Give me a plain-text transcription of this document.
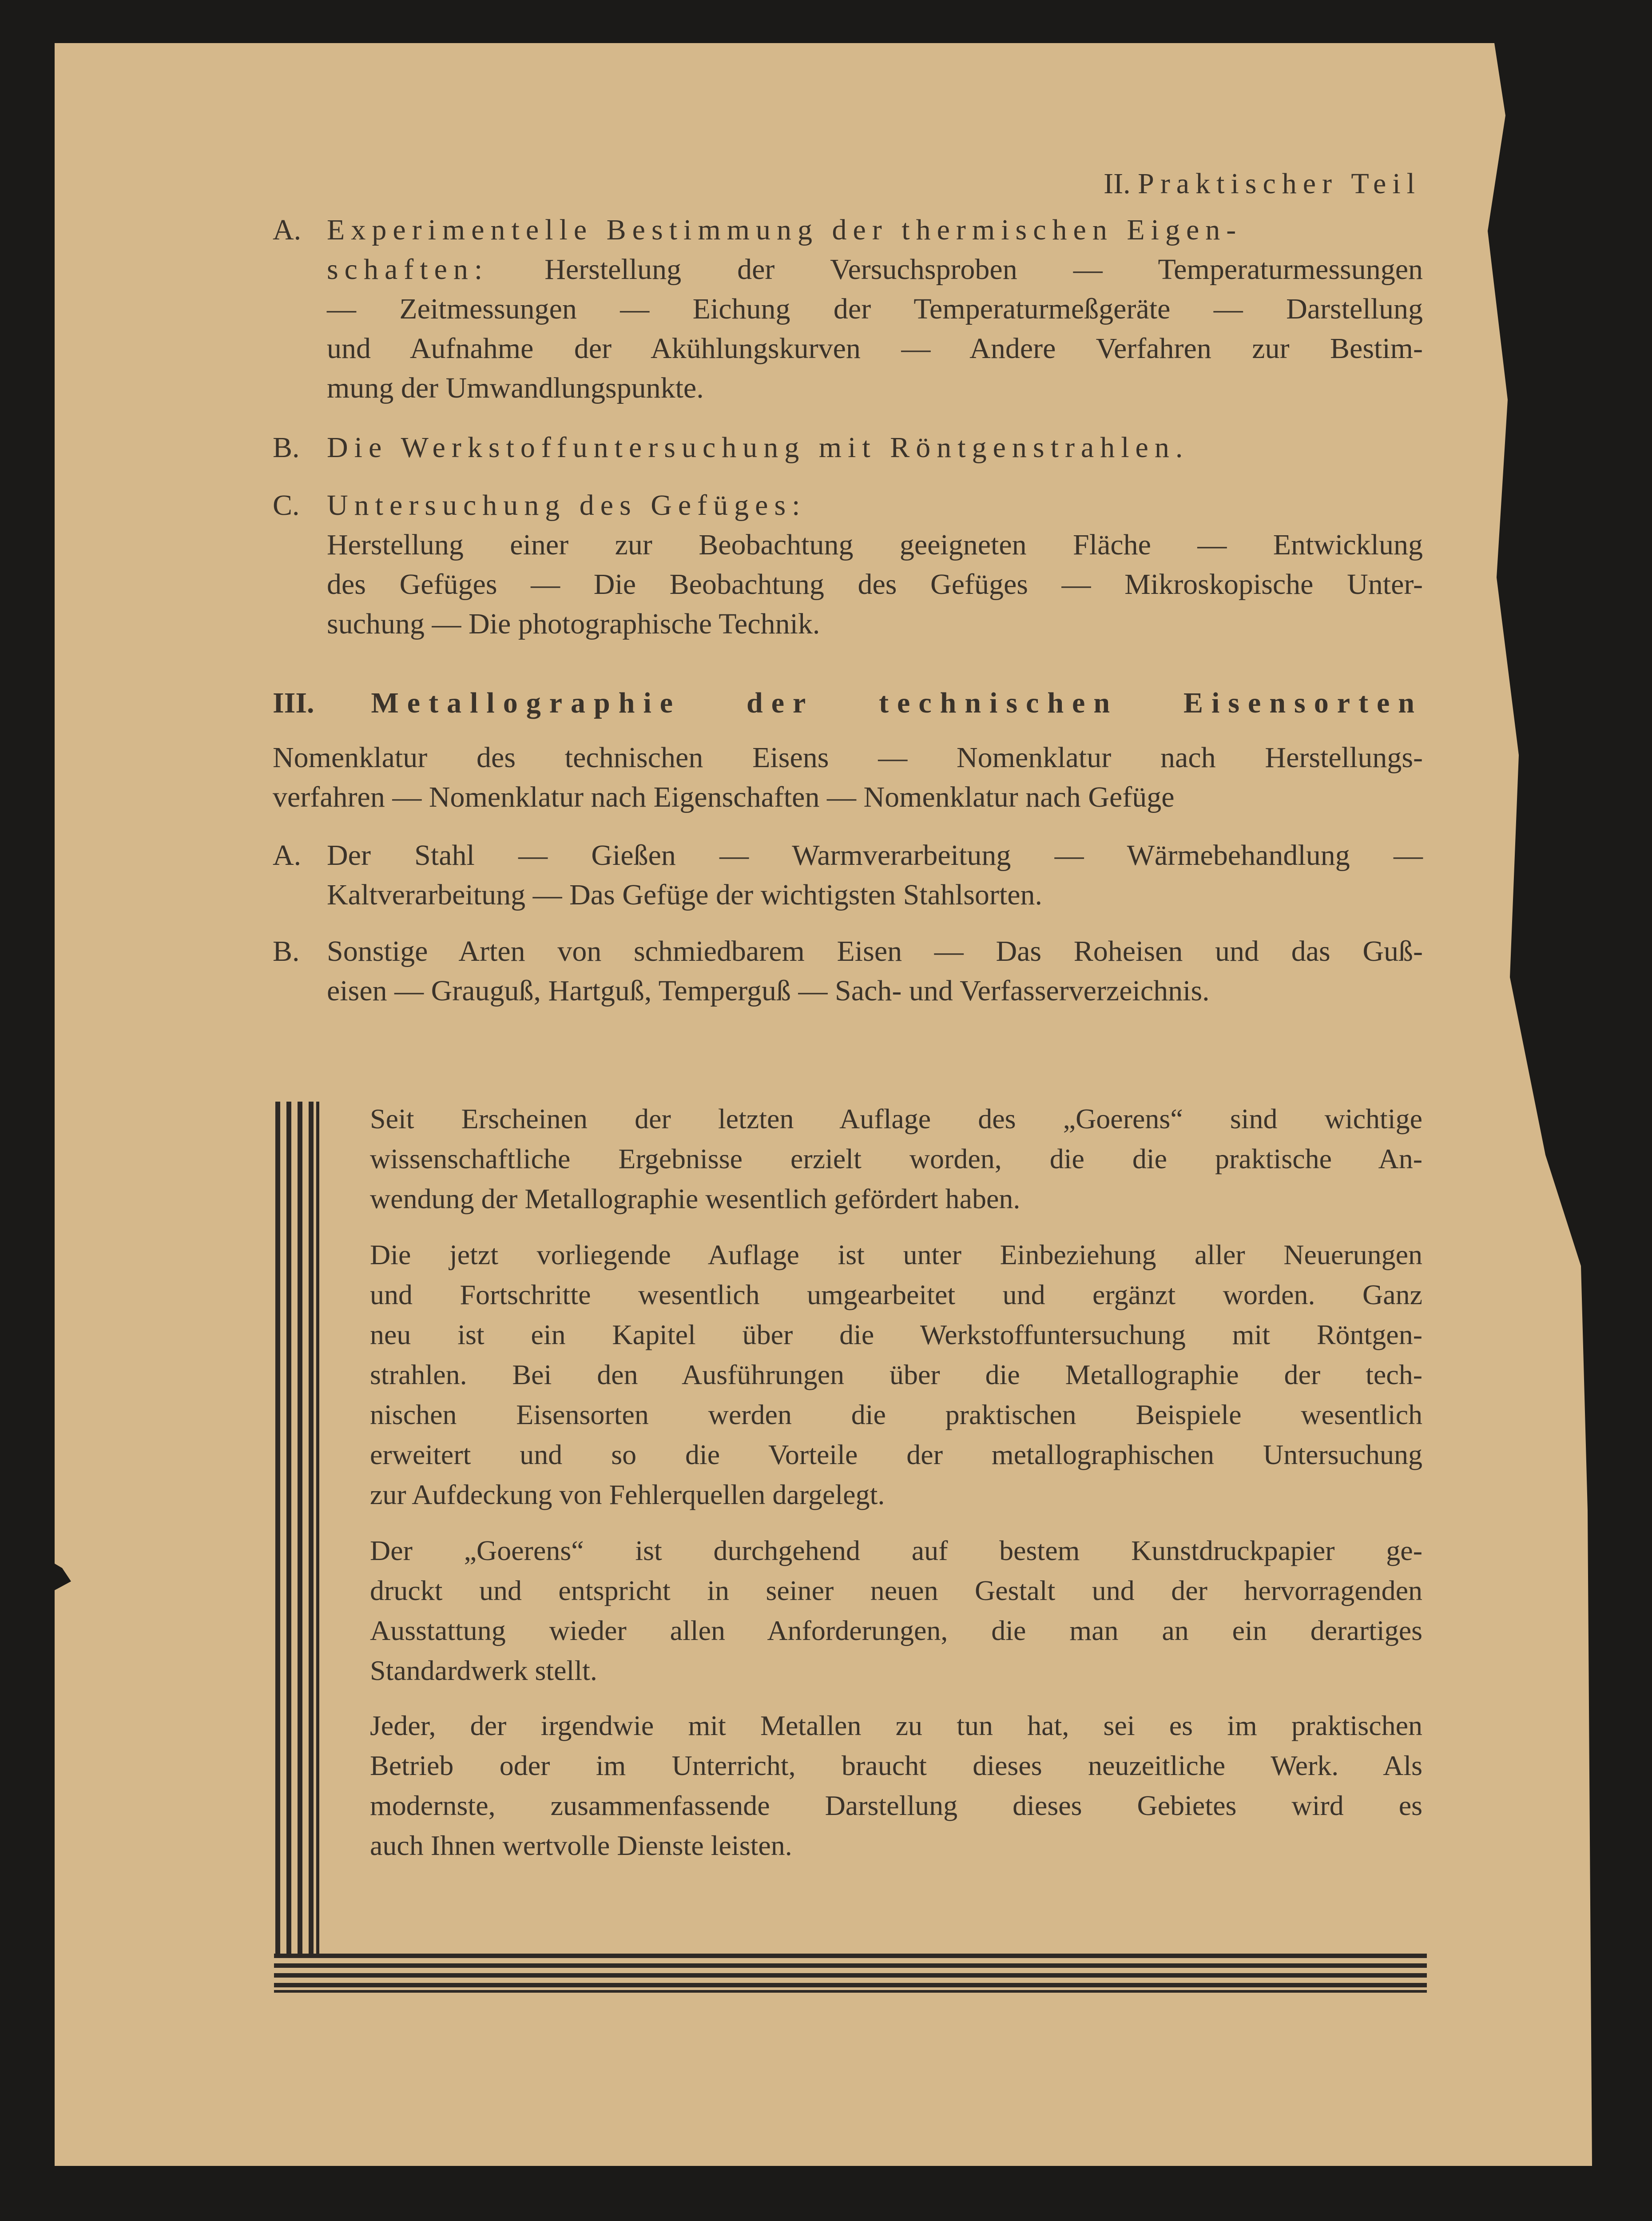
II. Praktischer Teil
A. Experimentelle Bestimmung der thermischen Eigen-
schaften: Herstellung der Versuchsproben — Temperaturmessungen
— Zeitmessungen — Eichung der Temperaturmeßgeräte — Darstellung
und Aufnahme der Akühlungskurven — Andere Verfahren zur Bestim-
mung der Umwandlungspunkte.
B. Die Werkstoffuntersuchung mit Röntgenstrahlen.
C. Untersuchung des Gefüges:
Herstellung einer zur Beobachtung geeigneten Fläche — Entwicklung
des Gefüges — Die Beobachtung des Gefüges — Mikroskopische Unter-
suchung — Die photographische Technik.
III. Metallographie der technischen Eisensorten
Nomenklatur des technischen Eisens — Nomenklatur nach Herstellungs-
verfahren — Nomenklatur nach Eigenschaften — Nomenklatur nach Gefüge
A. Der Stahl — Gießen — Warmverarbeitung — Wärmebehandlung —
Kaltverarbeitung — Das Gefüge der wichtigsten Stahlsorten.
B. Sonstige Arten von schmiedbarem Eisen — Das Roheisen und das Guß-
eisen — Grauguß, Hartguß, Temperguß — Sach- und Verfasserverzeichnis.
Seit Erscheinen der letzten Auflage des „Goerens“ sind wichtige
wissenschaftliche Ergebnisse erzielt worden, die die praktische An-
wendung der Metallographie wesentlich gefördert haben.
Die jetzt vorliegende Auflage ist unter Einbeziehung aller Neuerungen
und Fortschritte wesentlich umgearbeitet und ergänzt worden. Ganz
neu ist ein Kapitel über die Werkstoffuntersuchung mit Röntgen-
strahlen. Bei den Ausführungen über die Metallographie der tech-
nischen Eisensorten werden die praktischen Beispiele wesentlich
erweitert und so die Vorteile der metallographischen Untersuchung
zur Aufdeckung von Fehlerquellen dargelegt.
Der „Goerens“ ist durchgehend auf bestem Kunstdruckpapier ge-
druckt und entspricht in seiner neuen Gestalt und der hervorragenden
Ausstattung wieder allen Anforderungen, die man an ein derartiges
Standardwerk stellt.
Jeder, der irgendwie mit Metallen zu tun hat, sei es im praktischen
Betrieb oder im Unterricht, braucht dieses neuzeitliche Werk. Als
modernste, zusammenfassende Darstellung dieses Gebietes wird es
auch Ihnen wertvolle Dienste leisten.
